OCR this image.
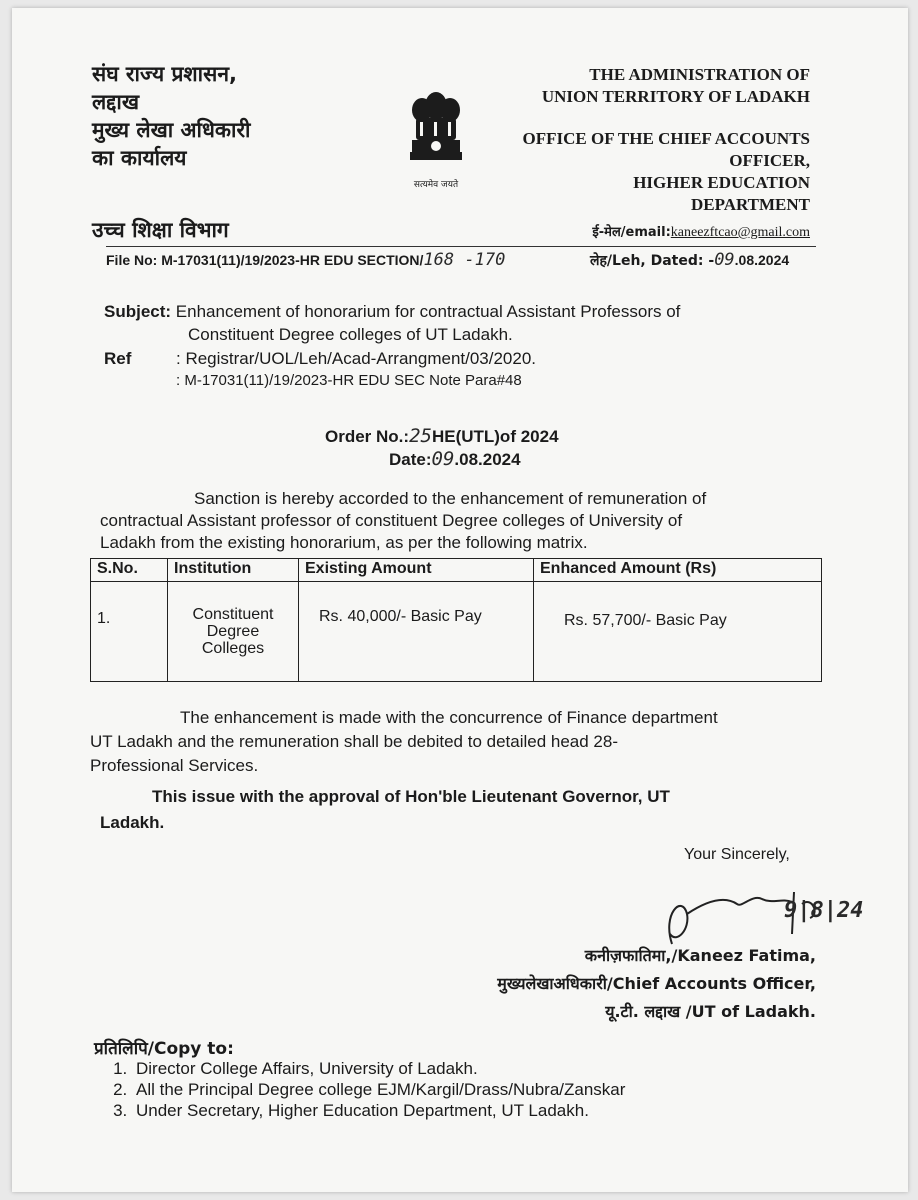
संघ राज्य प्रशासन,
लद्दाख
मुख्य लेखा अधिकारी
का कार्यालय
उच्च शिक्षा विभाग
सत्यमेव जयते
THE ADMINISTRATION OF
UNION TERRITORY OF LADAKH
OFFICE OF THE CHIEF ACCOUNTS
OFFICER,
HIGHER EDUCATION
DEPARTMENT
ई-मेल/email:kaneezftcao@gmail.com
File No: M-17031(11)/19/2023-HR EDU SECTION/168 -170	लेह/Leh, Dated: -09.08.2024
Subject: Enhancement of honorarium for contractual Assistant Professors of
Constituent Degree colleges of UT Ladakh.
Ref	: Registrar/UOL/Leh/Acad-Arrangment/03/2020.
: M-17031(11)/19/2023-HR EDU SEC Note Para#48
Order No.:25HE(UTL)of 2024
Date:09.08.2024
Sanction is hereby accorded to the enhancement of remuneration of
contractual Assistant professor of constituent Degree colleges of University of
Ladakh from the existing honorarium, as per the following matrix.
S.No.	Institution	Existing Amount	Enhanced Amount (Rs)
1.	Constituent
Degree
Colleges	Rs. 40,000/- Basic Pay	Rs. 57,700/- Basic Pay
The enhancement is made with the concurrence of Finance department
UT Ladakh and the remuneration shall be debited to detailed head 28-
Professional Services.
This issue with the approval of Hon'ble Lieutenant Governor, UT
Ladakh.
Your Sincerely,
9|8|24
कनीज़फातिमा,/Kaneez Fatima,
मुख्यलेखाअधिकारी/Chief Accounts Officer,
यू.टी. लद्दाख /UT of Ladakh.
प्रतिलिपि/Copy to:
1. Director College Affairs, University of Ladakh.
2. All the Principal Degree college EJM/Kargil/Drass/Nubra/Zanskar
3. Under Secretary, Higher Education Department, UT Ladakh.
